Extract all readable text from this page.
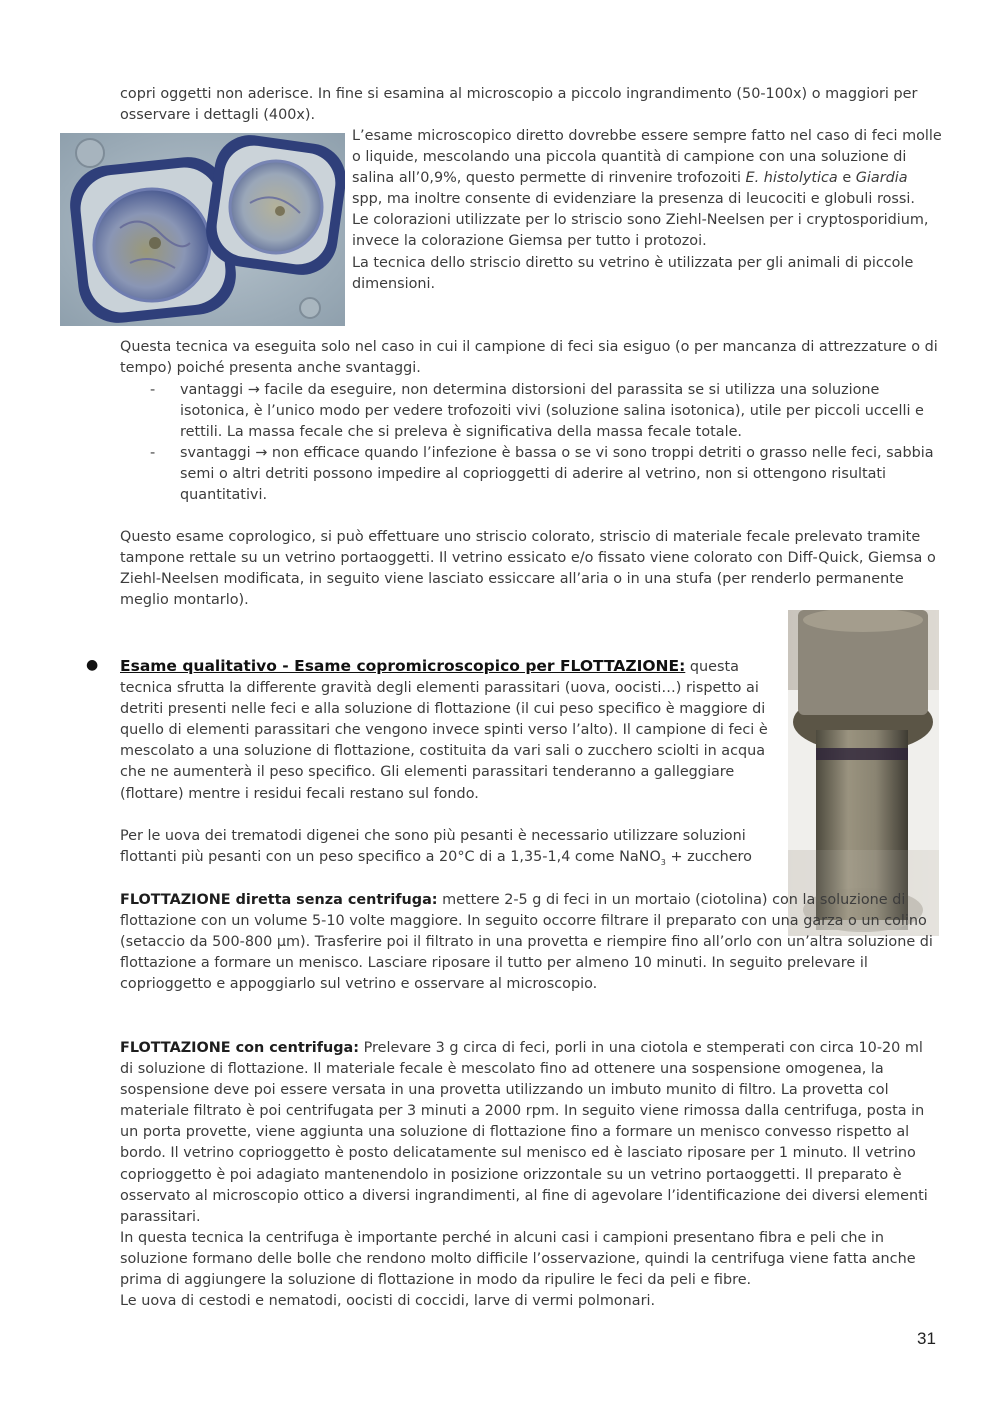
copri oggetti non aderisce. In fine si esamina al microscopio a piccolo ingrandimento (50-100x) o maggiori per osservare i dettagli (400x).

L’esame microscopico diretto dovrebbe essere sempre fatto nel caso di feci molle o liquide, mescolando una piccola quantità di campione con una soluzione di salina all’0,9%, questo permette di rinvenire trofozoiti E. histolytica e Giardia spp, ma inoltre consente di evidenziare la presenza di leucociti e globuli rossi.

Le colorazioni utilizzate per lo striscio sono Ziehl-Neelsen per i cryptosporidium, invece la colorazione Giemsa per tutto i protozoi.

La tecnica dello striscio diretto su vetrino è utilizzata per gli animali di piccole dimensioni.

Questa tecnica va eseguita solo nel caso in cui il campione di feci sia esiguo (o per mancanza di attrezzature o di tempo) poiché presenta anche svantaggi.

- vantaggi → facile da eseguire, non determina distorsioni del parassita se si utilizza una soluzione isotonica, è l’unico modo per vedere trofozoiti vivi (soluzione salina isotonica), utile per piccoli uccelli e rettili. La massa fecale che si preleva è significativa della massa fecale totale.
- svantaggi → non efficace quando l’infezione è bassa o se vi sono troppi detriti o grasso nelle feci, sabbia semi o altri detriti possono impedire al coprioggetti di aderire al vetrino, non si ottengono risultati quantitativi.

Questo esame coprologico, si può effettuare uno striscio colorato, striscio di materiale fecale prelevato tramite tampone rettale su un vetrino portaoggetti. Il vetrino essicato e/o fissato viene colorato con Diff-Quick, Giemsa o Ziehl-Neelsen modificata, in seguito viene lasciato essiccare all’aria o in una stufa (per renderlo permanente meglio montarlo).

● Esame qualitativo - Esame copromicroscopico per FLOTTAZIONE: questa tecnica sfrutta la differente gravità degli elementi parassitari (uova, oocisti…) rispetto ai detriti presenti nelle feci e alla soluzione di flottazione (il cui peso specifico è maggiore di quello di elementi parassitari che vengono invece spinti verso l’alto). Il campione di feci è mescolato a una soluzione di flottazione, costituita da vari sali o zucchero sciolti in acqua che ne aumenterà il peso specifico. Gli elementi parassitari tenderanno a galleggiare (flottare) mentre i residui fecali restano sul fondo.

Per le uova dei trematodi digenei che sono più pesanti è necessario utilizzare soluzioni flottanti più pesanti con un peso specifico a 20°C di a 1,35-1,4 come NaNO$_3$ + zucchero

FLOTTAZIONE diretta senza centrifuga: mettere 2-5 g di feci in un mortaio (ciotolina) con la soluzione di flottazione con un volume 5-10 volte maggiore. In seguito occorre filtrare il preparato con una garza o un colino (setaccio da 500-800 µm). Trasferire poi il filtrato in una provetta e riempire fino all’orlo con un’altra soluzione di flottazione a formare un menisco. Lasciare riposare il tutto per almeno 10 minuti. In seguito prelevare il coprioggetto e appoggiarlo sul vetrino e osservare al microscopio.

FLOTTAZIONE con centrifuga: Prelevare 3 g circa di feci, porli in una ciotola e stemperati con circa 10-20 ml di soluzione di flottazione. Il materiale fecale è mescolato fino ad ottenere una sospensione omogenea, la sospensione deve poi essere versata in una provetta utilizzando un imbuto munito di filtro. La provetta col materiale filtrato è poi centrifugata per 3 minuti a 2000 rpm. In seguito viene rimossa dalla centrifuga, posta in un porta provette, viene aggiunta una soluzione di flottazione fino a formare un menisco convesso rispetto al bordo. Il vetrino coprioggetto è posto delicatamente sul menisco ed è lasciato riposare per 1 minuto. Il vetrino coprioggetto è poi adagiato mantenendolo in posizione orizzontale su un vetrino portaoggetti. Il preparato è osservato al microscopio ottico a diversi ingrandimenti, al fine di agevolare l’identificazione dei diversi elementi parassitari.

In questa tecnica la centrifuga è importante perché in alcuni casi i campioni presentano fibra e peli che in soluzione formano delle bolle che rendono molto difficile l’osservazione, quindi la centrifuga viene fatta anche prima di aggiungere la soluzione di flottazione in modo da ripulire le feci da peli e fibre.

Le uova di cestodi e nematodi, oocisti di coccidi, larve di vermi polmonari.

31
